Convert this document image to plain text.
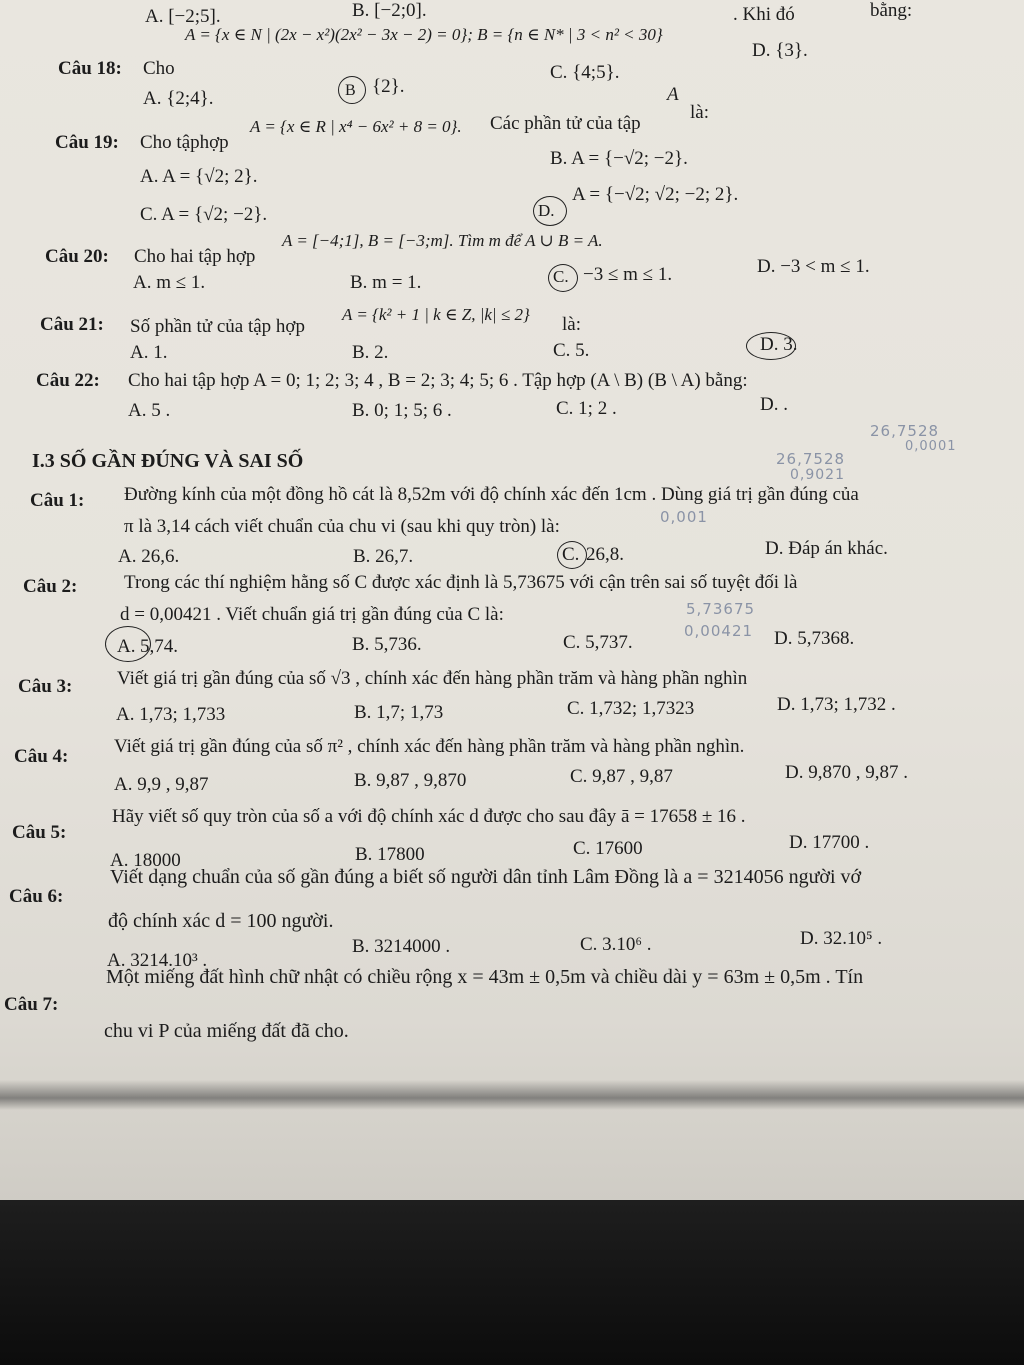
A. [−2;5].	B. [−2;0].	. Khi đó	bằng:
Câu 18: Cho
A = {x ∈ N | (2x − x²)(2x² − 3x − 2) = 0}; B = {n ∈ N* | 3 < n² < 30}
A. {2;4}.	B {2}.
C. {4;5}.
D. {3}.
Câu 19: Cho tậphợp
A = {x ∈ R | x⁴ − 6x² + 8 = 0}. Các phần tử của tập
A
là:
A. A = {√2; 2}.
B. A = {−√2; −2}.
C. A = {√2; −2}.	D.
A = {−√2; √2; −2; 2}.
Câu 20: Cho hai tập hợp
A = [−4;1], B = [−3;m]. Tìm m để A ∪ B = A.
A. m ≤ 1.	B. m = 1.	C. −3 ≤ m ≤ 1.	D. −3 < m ≤ 1.
Câu 21: Số phần tử của tập hợp
A = {k² + 1 | k ∈ Z, |k| ≤ 2} là:
A. 1.	B. 2.	C. 5.	D. 3.
Câu 22: Cho hai tập hợp A = 0; 1; 2; 3; 4 , B = 2; 3; 4; 5; 6 . Tập hợp (A \ B) (B \ A) bằng:
A. 5 .	B. 0; 1; 5; 6 .	C. 1; 2 .	D. .
I.3 SỐ GẦN ĐÚNG VÀ SAI SỐ
26,7528
0,0001
26,7528
0,9021
0,001
5,73675
0,00421
Câu 1: Đường kính của một đồng hồ cát là 8,52m với độ chính xác đến 1cm . Dùng giá trị gần đúng của
π là 3,14 cách viết chuẩn của chu vi (sau khi quy tròn) là:
A. 26,6.	B. 26,7.	C. 26,8.	D. Đáp án khác.
Câu 2: Trong các thí nghiệm hằng số C được xác định là 5,73675 với cận trên sai số tuyệt đối là
d = 0,00421 . Viết chuẩn giá trị gần đúng của C là:
A. 5,74.	B. 5,736.	C. 5,737.	D. 5,7368.
Câu 3: Viết giá trị gần đúng của số √3 , chính xác đến hàng phần trăm và hàng phần nghìn
A. 1,73; 1,733	B. 1,7; 1,73	C. 1,732; 1,7323	D. 1,73; 1,732 .
Câu 4: Viết giá trị gần đúng của số π² , chính xác đến hàng phần trăm và hàng phần nghìn.
A. 9,9 , 9,87	B. 9,87 , 9,870	C. 9,87 , 9,87	D. 9,870 , 9,87 .
Câu 5:
Hãy viết số quy tròn của số a với độ chính xác d được cho sau đây ā = 17658 ± 16 .
A. 18000	B. 17800	C. 17600	D. 17700 .
Câu 6:
Viết dạng chuẩn của số gần đúng a biết số người dân tỉnh Lâm Đồng là a = 3214056 người vớ
độ chính xác d = 100 người.
A. 3214.10³ .
B. 3214000 .	C. 3.10⁶ .	D. 32.10⁵ .
Câu 7:
Một miếng đất hình chữ nhật có chiều rộng x = 43m ± 0,5m và chiều dài y = 63m ± 0,5m . Tín
chu vi P của miếng đất đã cho.
